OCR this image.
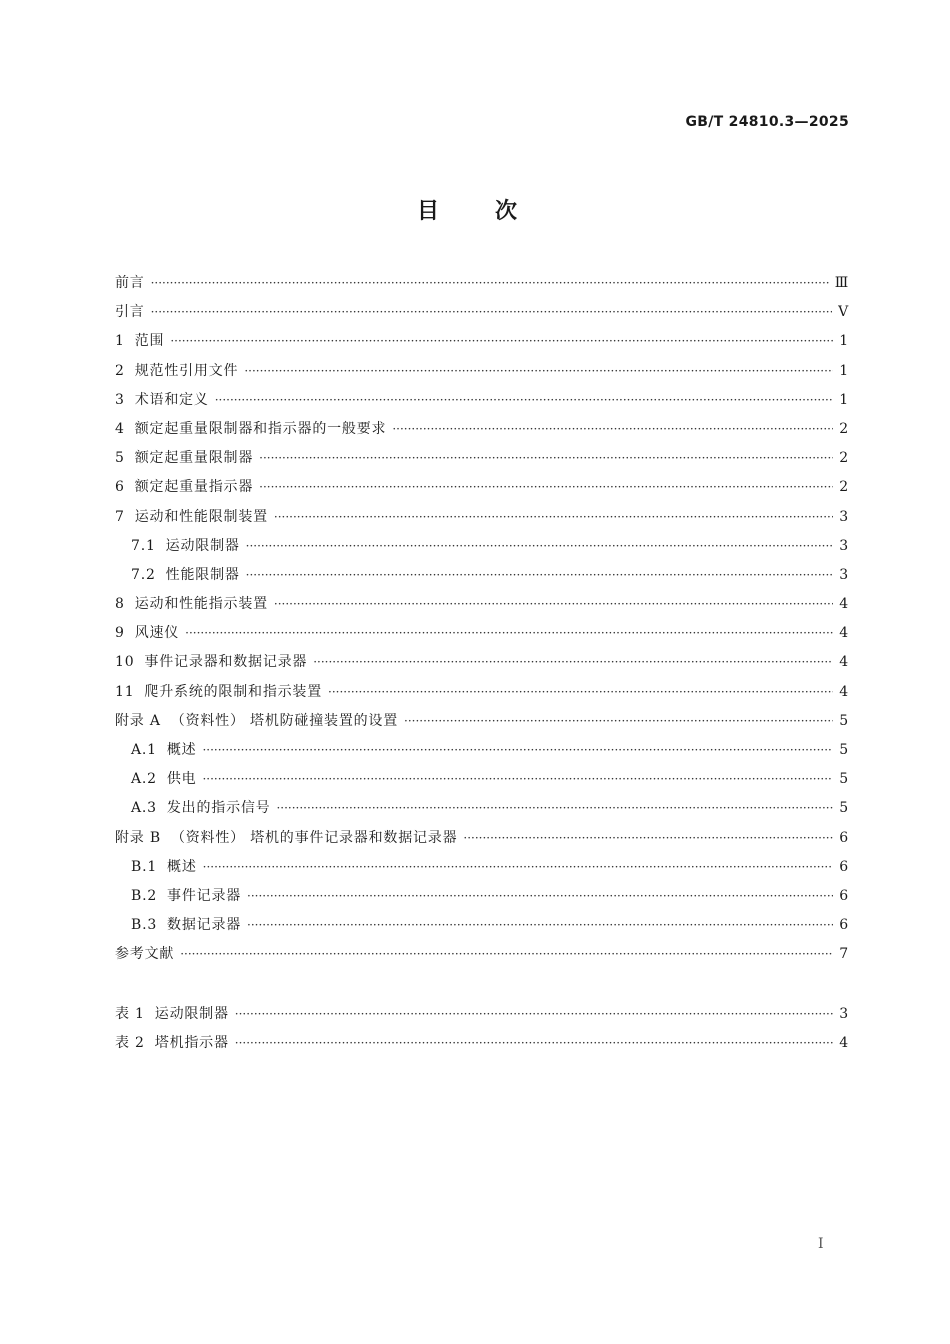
GB/T 24810.3—2025
目次
前言 ·····	Ⅲ
引言 ·····	Ⅴ
1 范围 ·····	1
2 规范性引用文件 ·····	1
3 术语和定义 ·····	1
4 额定起重量限制器和指示器的一般要求 ·····	2
5 额定起重量限制器 ·····	2
6 额定起重量指示器 ·····	2
7 运动和性能限制装置 ·····	3
7.1 运动限制器 ·····	3
7.2 性能限制器 ·····	3
8 运动和性能指示装置 ·····	4
9 风速仪 ·····	4
10 事件记录器和数据记录器 ·····	4
11 爬升系统的限制和指示装置 ·····	4
附录 A （资料性） 塔机防碰撞装置的设置 ·····	5
A.1 概述 ·····	5
A.2 供电 ·····	5
A.3 发出的指示信号 ·····	5
附录 B （资料性） 塔机的事件记录器和数据记录器 ·····	6
B.1 概述 ·····	6
B.2 事件记录器 ·····	6
B.3 数据记录器 ·····	6
参考文献 ·····	7
表 1 运动限制器 ·····	3
表 2 塔机指示器 ·····	4
Ⅰ
